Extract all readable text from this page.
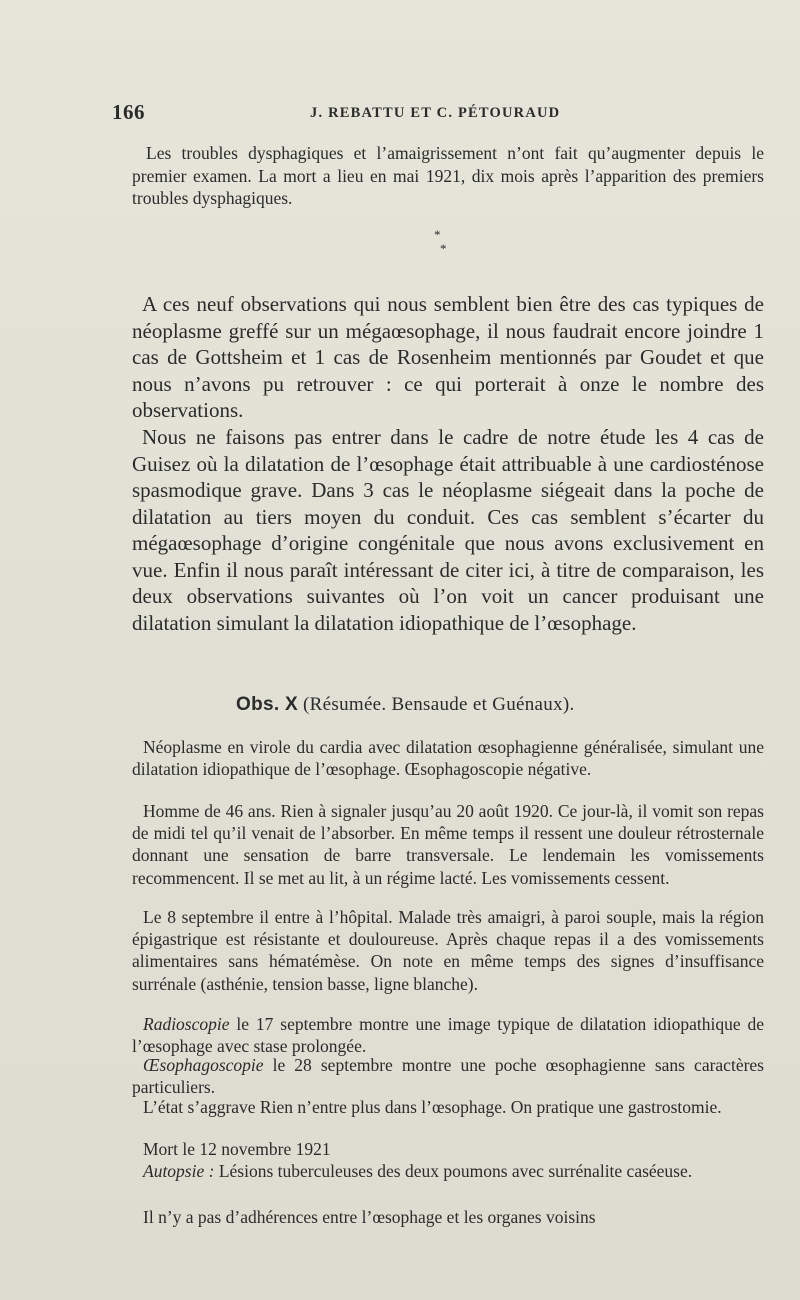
166	J. REBATTU ET C. PÉTOURAUD

Les troubles dysphagiques et l’amaigrissement n’ont fait qu’augmenter depuis le premier examen. La mort a lieu en mai 1921, dix mois après l’apparition des premiers troubles dysphagiques.

*
*

A ces neuf observations qui nous semblent bien être des cas typiques de néoplasme greffé sur un mégaœsophage, il nous faudrait encore joindre 1 cas de Gottsheim et 1 cas de Rosenheim mentionnés par Goudet et que nous n’avons pu retrouver : ce qui porterait à onze le nombre des observations.

Nous ne faisons pas entrer dans le cadre de notre étude les 4 cas de Guisez où la dilatation de l’œsophage était attribuable à une cardiosténose spasmodique grave. Dans 3 cas le néoplasme siégeait dans la poche de dilatation au tiers moyen du conduit. Ces cas semblent s’écarter du mégaœsophage d’origine congénitale que nous avons exclusivement en vue. Enfin il nous paraît intéressant de citer ici, à titre de comparaison, les deux observations suivantes où l’on voit un cancer produisant une dilatation simulant la dilatation idiopathique de l’œsophage.

Obs. X (Résumée. Bensaude et Guénaux).

Néoplasme en virole du cardia avec dilatation œsophagienne généralisée, simulant une dilatation idiopathique de l’œsophage. Œsophagoscopie négative.

Homme de 46 ans. Rien à signaler jusqu’au 20 août 1920. Ce jour-là, il vomit son repas de midi tel qu’il venait de l’absorber. En même temps il ressent une douleur rétrosternale donnant une sensation de barre transversale. Le lendemain les vomissements recommencent. Il se met au lit, à un régime lacté. Les vomissements cessent.

Le 8 septembre il entre à l’hôpital. Malade très amaigri, à paroi souple, mais la région épigastrique est résistante et douloureuse. Après chaque repas il a des vomissements alimentaires sans hématémèse. On note en même temps des signes d’insuffisance surrénale (asthénie, tension basse, ligne blanche).

Radioscopie le 17 septembre montre une image typique de dilatation idiopathique de l’œsophage avec stase prolongée.

Œsophagoscopie le 28 septembre montre une poche œsophagienne sans caractères particuliers.

L’état s’aggrave Rien n’entre plus dans l’œsophage. On pratique une gastrostomie.

Mort le 12 novembre 1921

Autopsie : Lésions tuberculeuses des deux poumons avec surrénalite caséeuse.

Il n’y a pas d’adhérences entre l’œsophage et les organes voisins
